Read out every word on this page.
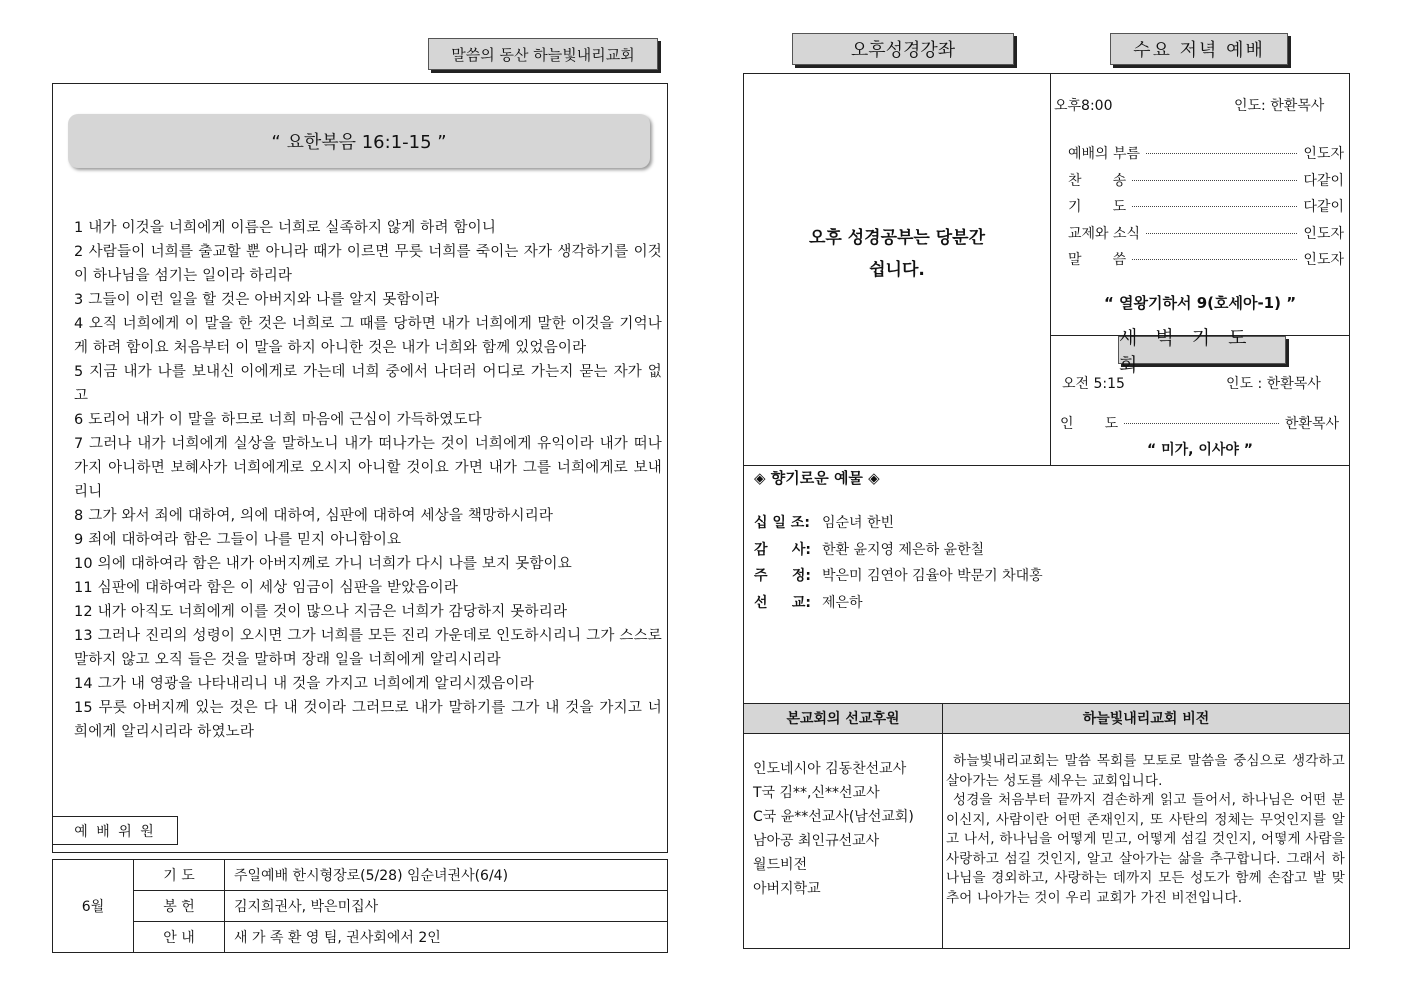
말씀의 동산 하늘빛내리교회
“ 요한복음 16:1-15 ”
1 내가 이것을 너희에게 이름은 너희로 실족하지 않게 하려 함이니
2 사람들이 너희를 출교할 뿐 아니라 때가 이르면 무릇 너희를 죽이는 자가 생각하기를 이것이 하나님을 섬기는 일이라 하리라
3 그들이 이런 일을 할 것은 아버지와 나를 알지 못함이라
4 오직 너희에게 이 말을 한 것은 너희로 그 때를 당하면 내가 너희에게 말한 이것을 기억나게 하려 함이요 처음부터 이 말을 하지 아니한 것은 내가 너희와 함께 있었음이라
5 지금 내가 나를 보내신 이에게로 가는데 너희 중에서 나더러 어디로 가는지 묻는 자가 없고
6 도리어 내가 이 말을 하므로 너희 마음에 근심이 가득하였도다
7 그러나 내가 너희에게 실상을 말하노니 내가 떠나가는 것이 너희에게 유익이라 내가 떠나가지 아니하면 보혜사가 너희에게로 오시지 아니할 것이요 가면 내가 그를 너희에게로 보내리니
8 그가 와서 죄에 대하여, 의에 대하여, 심판에 대하여 세상을 책망하시리라
9 죄에 대하여라 함은 그들이 나를 믿지 아니함이요
10 의에 대하여라 함은 내가 아버지께로 가니 너희가 다시 나를 보지 못함이요
11 심판에 대하여라 함은 이 세상 임금이 심판을 받았음이라
12 내가 아직도 너희에게 이를 것이 많으나 지금은 너희가 감당하지 못하리라
13 그러나 진리의 성령이 오시면 그가 너희를 모든 진리 가운데로 인도하시리니 그가 스스로 말하지 않고 오직 들은 것을 말하며 장래 일을 너희에게 알리시리라
14 그가 내 영광을 나타내리니 내 것을 가지고 너희에게 알리시겠음이라
15 무릇 아버지께 있는 것은 다 내 것이라 그러므로 내가 말하기를 그가 내 것을 가지고 너희에게 알리시리라 하였노라
예 배 위 원
6월	기 도	주일예배 한시형장로(5/28) 임순녀권사(6/4)
	봉 헌	김지희권사, 박은미집사
	안 내	새 가 족 환 영 팀, 권사회에서 2인
오후성경강좌	수요 저녁 예배
오후 성경공부는 당분간
쉽니다.
오후8:00	인도: 한환목사
예배의 부름	인도자
찬       송	다같이
기       도	다같이
교제와 소식	인도자
말       씀	인도자
“ 열왕기하서 9(호세아-1) ”
새 벽 기 도 회
오전 5:15	인도 : 한환목사
인       도	한환목사
“ 미가, 이사야 ”
◈ 향기로운 예물 ◈
십 일 조: 임순녀 한빈
감     사: 한환 윤지영 제은하 윤한칠
주     정: 박은미 김연아 김율아 박문기 차대홍
선     교: 제은하
본교회의 선교후원	하늘빛내리교회 비전
인도네시아 김동찬선교사
T국 김**,신**선교사
C국 윤**선교사(남선교회)
남아공 최인규선교사
월드비전
아버지학교
하늘빛내리교회는 말씀 목회를 모토로 말씀을 중심으로 생각하고 살아가는 성도를 세우는 교회입니다.
성경을 처음부터 끝까지 겸손하게 읽고 들어서, 하나님은 어떤 분이신지, 사람이란 어떤 존재인지, 또 사탄의 정체는 무엇인지를 알고 나서, 하나님을 어떻게 믿고, 어떻게 섬길 것인지, 어떻게 사람을 사랑하고 섬길 것인지, 알고 살아가는 삶을 추구합니다. 그래서 하나님을 경외하고, 사랑하는 데까지 모든 성도가 함께 손잡고 발 맞추어 나아가는 것이 우리 교회가 가진 비전입니다.
